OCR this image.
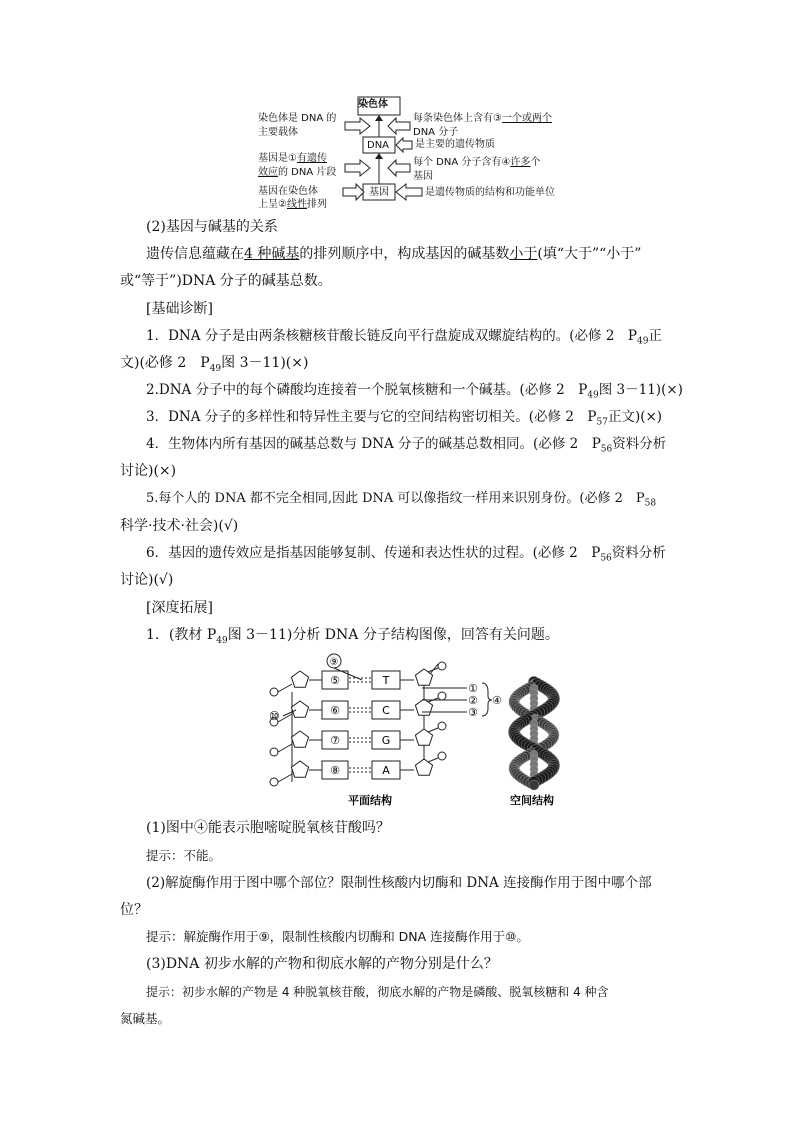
染色体
DNA
基因
染色体是 DNA 的
主要载体
基因是①有遗传
效应的 DNA 片段
基因在染色体
上呈②线性排列
每条染色体上含有③一个或两个
DNA 分子
是主要的遗传物质
每个 DNA 分子含有④许多个
基因
是遗传物质的结构和功能单位
(2)基因与碱基的关系
遗传信息蕴藏在4 种碱基的排列顺序中，构成基因的碱基数小于(填“大于”“小于”
或“等于”)DNA 分子的碱基总数。
[基础诊断]
1．DNA 分子是由两条核糖核苷酸长链反向平行盘旋成双螺旋结构的。(必修 2　$P_{49}$正
文)(必修 2　$P_{49}$图 3－11)(×)
2.DNA 分子中的每个磷酸均连接着一个脱氧核糖和一个碱基。(必修 2　$P_{49}$图 3－11)(×)
3．DNA 分子的多样性和特异性主要与它的空间结构密切相关。(必修 2　$P_{57}$正文)(×)
4．生物体内所有基因的碱基总数与 DNA 分子的碱基总数相同。(必修 2　$P_{56}$资料分析
讨论)(×)
5.每个人的 DNA 都不完全相同,因此 DNA 可以像指纹一样用来识别身份。(必修 2　$P_{58}$
科学·技术·社会)(√)
6．基因的遗传效应是指基因能够复制、传递和表达性状的过程。(必修 2　$P_{56}$资料分析
讨论)(√)
[深度拓展]
1．(教材 $P_{49}$图 3－11)分析 DNA 分子结构图像，回答有关问题。
⑤	T
⑥	C
⑦	G
⑧	A
⑨
⑩
①
②
③
④
平面结构	空间结构
(1)图中④能表示胞嘧啶脱氧核苷酸吗？
提示：不能。
(2)解旋酶作用于图中哪个部位？限制性核酸内切酶和 DNA 连接酶作用于图中哪个部
位？
提示：解旋酶作用于⑨，限制性核酸内切酶和 DNA 连接酶作用于⑩。
(3)DNA 初步水解的产物和彻底水解的产物分别是什么？
提示：初步水解的产物是 4 种脱氧核苷酸，彻底水解的产物是磷酸、脱氧核糖和 4 种含
氮碱基。
